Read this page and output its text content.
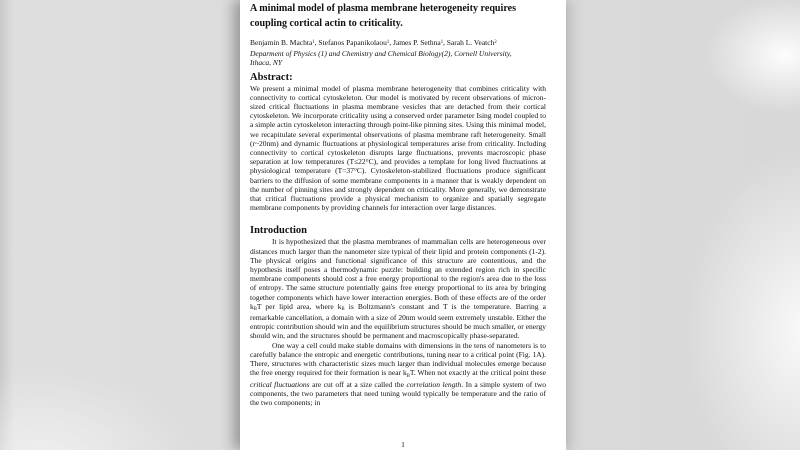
A minimal model of plasma membrane heterogeneity requires coupling cortical actin to criticality.
Benjamin B. Machta$^1$, Stefanos Papanikolaou$^1$, James P. Sethna$^1$, Sarah L. Veatch$^2$
Deparment of Physics (1) and Chemistry and Chemical Biology(2), Cornell University,
Ithaca, NY
Abstract:
We present a minimal model of plasma membrane heterogeneity that combines criticality with connectivity to cortical cytoskeleton. Our model is motivated by recent observations of micron-sized critical fluctuations in plasma membrane vesicles that are detached from their cortical cytoskeleton. We incorporate criticality using a conserved order parameter Ising model coupled to a simple actin cytoskeleton interacting through point-like pinning sites. Using this minimal model, we recapitulate several experimental observations of plasma membrane raft heterogeneity. Small (r~20nm) and dynamic fluctuations at physiological temperatures arise from criticality. Including connectivity to cortical cytoskeleton disrupts large fluctuations, prevents macroscopic phase separation at low temperatures (T≤22°C), and provides a template for long lived fluctuations at physiological temperature (T=37°C). Cytoskeleton-stabilized fluctuations produce significant barriers to the diffusion of some membrane components in a manner that is weakly dependent on the number of pinning sites and strongly dependent on criticality. More generally, we demonstrate that critical fluctuations provide a physical mechanism to organize and spatially segregate membrane components by providing channels for interaction over large distances.
Introduction
It is hypothesized that the plasma membranes of mammalian cells are heterogeneous over distances much larger than the nanometer size typical of their lipid and protein components (1-2). The physical origins and functional significance of this structure are contentious, and the hypothesis itself poses a thermodynamic puzzle: building an extended region rich in specific membrane components should cost a free energy proportional to the region's area due to the loss of entropy. The same structure potentially gains free energy proportional to its area by bringing together components which have lower interaction energies. Both of these effects are of the order kBT per lipid area, where kB is Boltzmann's constant and T is the temperature. Barring a remarkable cancellation, a domain with a size of 20nm would seem extremely unstable. Either the entropic contribution should win and the equilibrium structures should be much smaller, or energy should win, and the structures should be permanent and macroscopically phase-separated.
One way a cell could make stable domains with dimensions in the tens of nanometers is to carefully balance the entropic and energetic contributions, tuning near to a critical point (Fig. 1A). There, structures with characteristic sizes much larger than individual molecules emerge because the free energy required for their formation is near kBT. When not exactly at the critical point these critical fluctuations are cut off at a size called the correlation length. In a simple system of two components, the two parameters that need tuning would typically be temperature and the ratio of the two components; in
1
